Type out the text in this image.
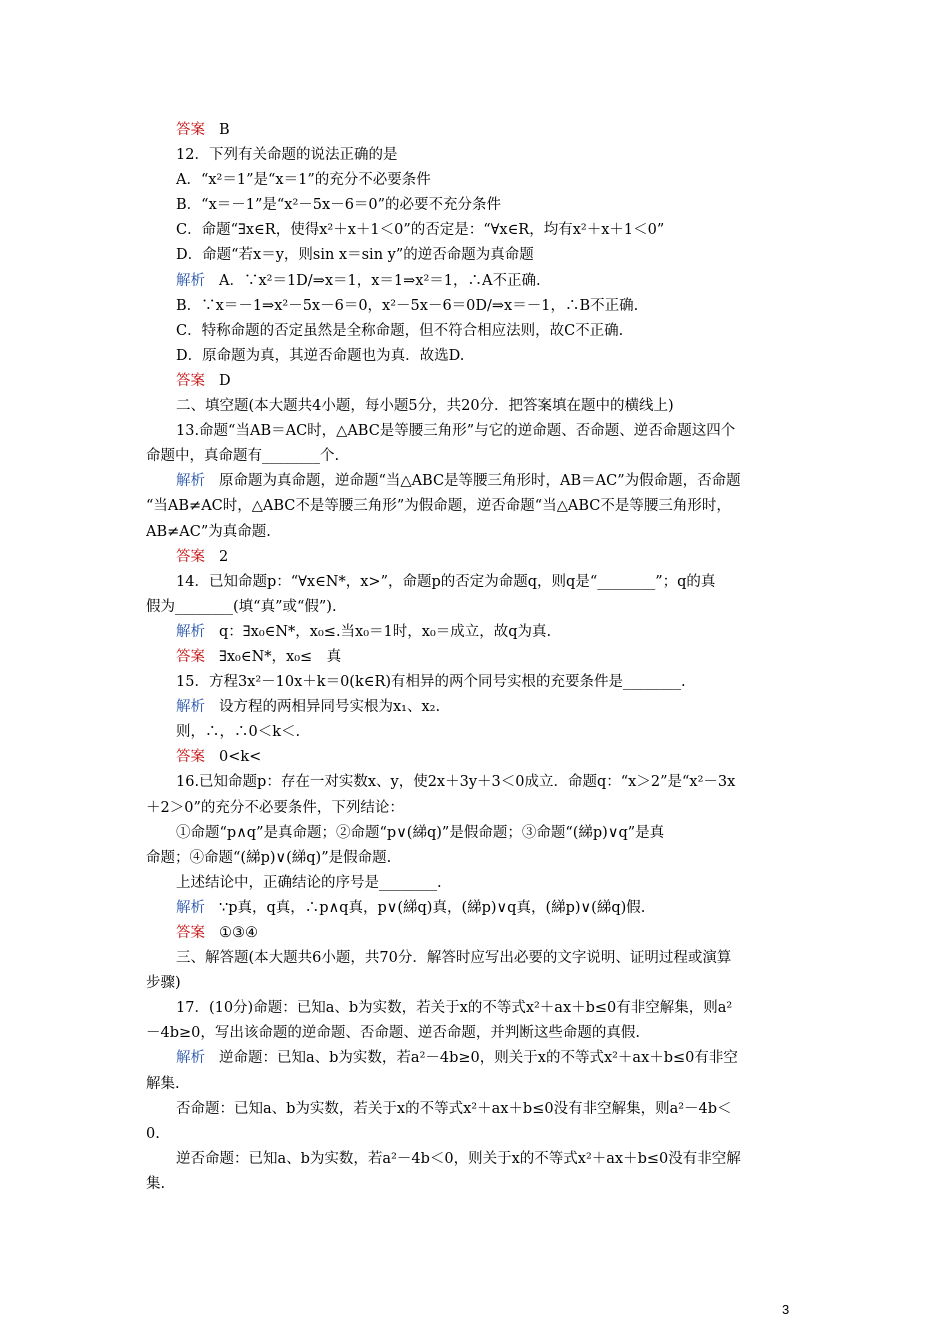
答案 B
12．下列有关命题的说法正确的是
A．“x²＝1”是“x＝1”的充分不必要条件
B．“x＝－1”是“x²－5x－6＝0”的必要不充分条件
C．命题“∃x∈R，使得x²＋x＋1＜0”的否定是：“∀x∈R，均有x²＋x＋1＜0”
D．命题“若x＝y，则sin x＝sin y”的逆否命题为真命题
解析 A．∵x²＝1D/⇒x＝1，x＝1⇒x²＝1，∴A不正确.
B．∵x＝－1⇒x²－5x－6＝0，x²－5x－6＝0D/⇒x＝－1，∴B不正确.
C．特称命题的否定虽然是全称命题，但不符合相应法则，故C不正确.
D．原命题为真，其逆否命题也为真．故选D.
答案 D
二、填空题(本大题共4小题，每小题5分，共20分．把答案填在题中的横线上)
13.命题“当AB＝AC时，△ABC是等腰三角形”与它的逆命题、否命题、逆否命题这四个
命题中，真命题有________个.
解析 原命题为真命题，逆命题“当△ABC是等腰三角形时，AB＝AC”为假命题，否命题
“当AB≠AC时，△ABC不是等腰三角形”为假命题，逆否命题“当△ABC不是等腰三角形时，
AB≠AC”为真命题.
答案 2
14．已知命题p：“∀x∈N*，x>”，命题p的否定为命题q，则q是“________”；q的真
假为________(填“真”或“假”).
解析 q：∃x₀∈N*，x₀≤.当x₀＝1时，x₀＝成立，故q为真.
答案 ∃x₀∈N*，x₀≤　真
15．方程3x²－10x＋k＝0(k∈R)有相异的两个同号实根的充要条件是________.
解析 设方程的两相异同号实根为x₁、x₂.
则，∴，∴0＜k＜.
答案 0<k<
16.已知命题p：存在一对实数x、y，使2x＋3y＋3＜0成立．命题q：“x＞2”是“x²－3x
＋2＞0”的充分不必要条件，下列结论：
①命题“p∧q”是真命题；②命题“p∨(綈q)”是假命题；③命题“(綈p)∨q”是真
命题；④命题“(綈p)∨(綈q)”是假命题.
上述结论中，正确结论的序号是________.
解析 ∵p真，q真，∴p∧q真，p∨(綈q)真，(綈p)∨q真，(綈p)∨(綈q)假.
答案 ①③④
三、解答题(本大题共6小题，共70分．解答时应写出必要的文字说明、证明过程或演算
步骤)
17．(10分)命题：已知a、b为实数，若关于x的不等式x²＋ax＋b≤0有非空解集，则a²
－4b≥0，写出该命题的逆命题、否命题、逆否命题，并判断这些命题的真假.
解析 逆命题：已知a、b为实数，若a²－4b≥0，则关于x的不等式x²＋ax＋b≤0有非空
解集.
否命题：已知a、b为实数，若关于x的不等式x²＋ax＋b≤0没有非空解集，则a²－4b＜
0.
逆否命题：已知a、b为实数，若a²－4b＜0，则关于x的不等式x²＋ax＋b≤0没有非空解
集.
3
